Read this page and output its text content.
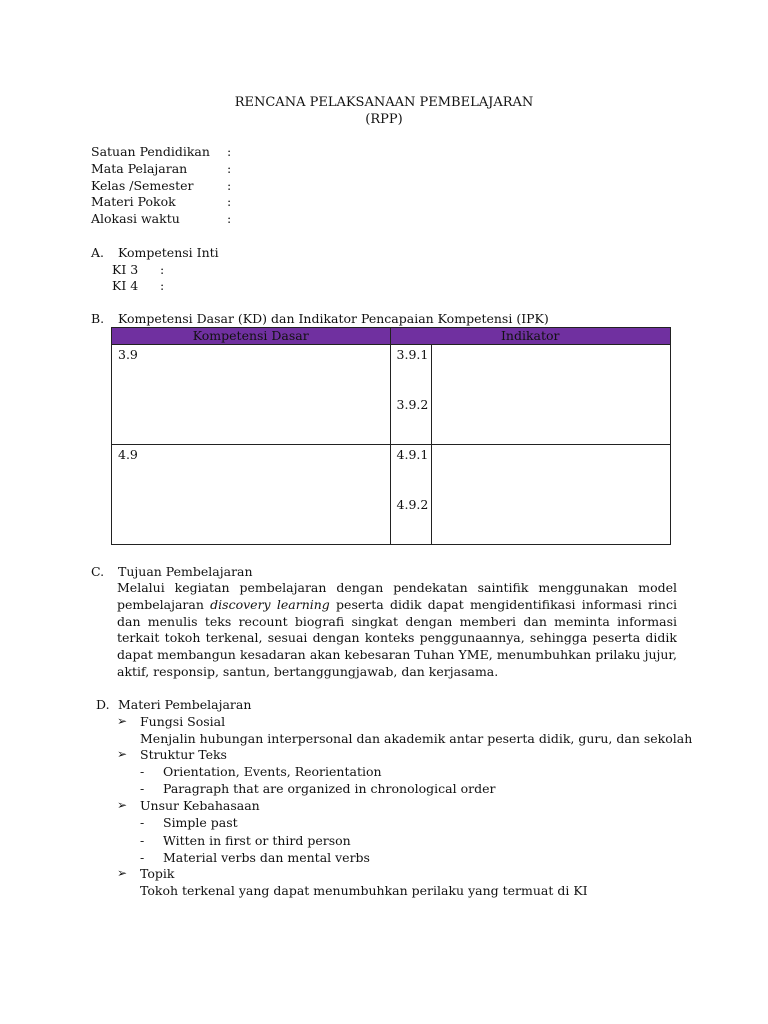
RENCANA PELAKSANAAN PEMBELAJARAN
(RPP)
Satuan Pendidikan :
Mata Pelajaran	:
Kelas /Semester	:
Materi Pokok	:
Alokasi waktu	:
A. Kompetensi Inti
KI 3 :
KI 4 :
B. Kompetensi Dasar (KD) dan Indikator Pencapaian Kompetensi (IPK)
Kompetensi Dasar	Indikator	

3.9	3.9.1
3.9.2	

4.9	4.9.1
4.9.2	

C. Tujuan Pembelajaran
Melalui kegiatan pembelajaran dengan pendekatan saintifik menggunakan model pembelajaran discovery learning peserta didik dapat mengidentifikasi informasi rinci dan menulis teks recount biografi singkat dengan memberi dan meminta informasi terkait tokoh terkenal, sesuai dengan konteks penggunaannya, sehingga peserta didik dapat membangun kesadaran akan kebesaran Tuhan YME, menumbuhkan prilaku jujur, aktif, responsip, santun, bertanggungjawab, dan kerjasama.
D. Materi Pembelajaran
➢ Fungsi Sosial
Menjalin hubungan interpersonal dan akademik antar peserta didik, guru, dan sekolah
➢ Struktur Teks
- Orientation, Events, Reorientation
- Paragraph that are organized in chronological order
➢ Unsur Kebahasaan
- Simple past
- Witten in first or third person
- Material verbs dan mental verbs
➢ Topik
Tokoh terkenal yang dapat menumbuhkan perilaku yang termuat di KI
